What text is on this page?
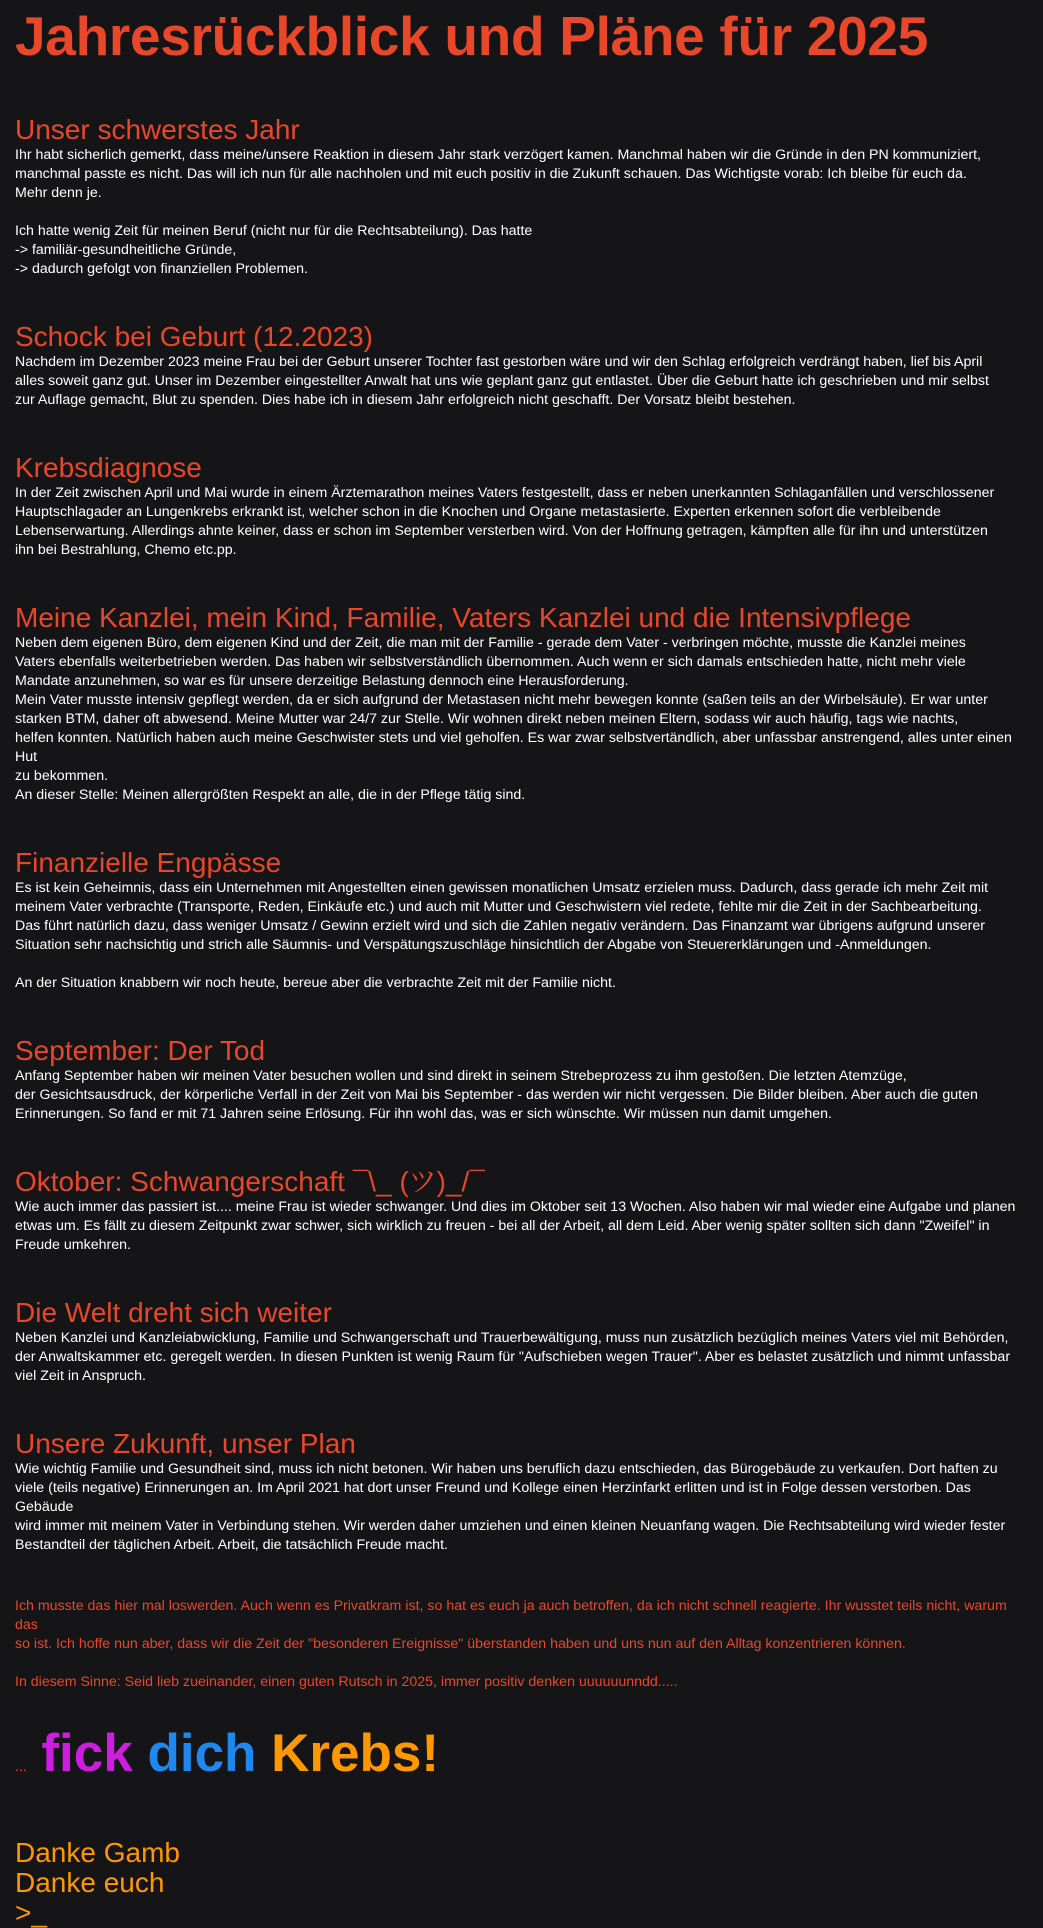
Jahresrückblick und Pläne für 2025
Unser schwerstes Jahr

Ihr habt sicherlich gemerkt, dass meine/unsere Reaktion in diesem Jahr stark verzögert kamen. Manchmal haben wir die Gründe in den PN kommuniziert,
manchmal passte es nicht. Das will ich nun für alle nachholen und mit euch positiv in die Zukunft schauen. Das Wichtigste vorab: Ich bleibe für euch da.
Mehr denn je.

Ich hatte wenig Zeit für meinen Beruf (nicht nur für die Rechtsabteilung). Das hatte
-> familiär-gesundheitliche Gründe,
-> dadurch gefolgt von finanziellen Problemen.

Schock bei Geburt (12.2023)

Nachdem im Dezember 2023 meine Frau bei der Geburt unserer Tochter fast gestorben wäre und wir den Schlag erfolgreich verdrängt haben, lief bis April
alles soweit ganz gut. Unser im Dezember eingestellter Anwalt hat uns wie geplant ganz gut entlastet. Über die Geburt hatte ich geschrieben und mir selbst
zur Auflage gemacht, Blut zu spenden. Dies habe ich in diesem Jahr erfolgreich nicht geschafft. Der Vorsatz bleibt bestehen.

Krebsdiagnose

In der Zeit zwischen April und Mai wurde in einem Ärztemarathon meines Vaters festgestellt, dass er neben unerkannten Schlaganfällen und verschlossener
Hauptschlagader an Lungenkrebs erkrankt ist, welcher schon in die Knochen und Organe metastasierte. Experten erkennen sofort die verbleibende
Lebenserwartung. Allerdings ahnte keiner, dass er schon im September versterben wird. Von der Hoffnung getragen, kämpften alle für ihn und unterstützen
ihn bei Bestrahlung, Chemo etc.pp.

Meine Kanzlei, mein Kind, Familie, Vaters Kanzlei und die Intensivpflege

Neben dem eigenen Büro, dem eigenen Kind und der Zeit, die man mit der Familie - gerade dem Vater - verbringen möchte, musste die Kanzlei meines
Vaters ebenfalls weiterbetrieben werden. Das haben wir selbstverständlich übernommen. Auch wenn er sich damals entschieden hatte, nicht mehr viele
Mandate anzunehmen, so war es für unsere derzeitige Belastung dennoch eine Herausforderung.
Mein Vater musste intensiv gepflegt werden, da er sich aufgrund der Metastasen nicht mehr bewegen konnte (saßen teils an der Wirbelsäule). Er war unter
starken BTM, daher oft abwesend. Meine Mutter war 24/7 zur Stelle. Wir wohnen direkt neben meinen Eltern, sodass wir auch häufig, tags wie nachts,
helfen konnten. Natürlich haben auch meine Geschwister stets und viel geholfen. Es war zwar selbstvertändlich, aber unfassbar anstrengend, alles unter einen Hut
zu bekommen.
An dieser Stelle: Meinen allergrößten Respekt an alle, die in der Pflege tätig sind.

Finanzielle Engpässe

Es ist kein Geheimnis, dass ein Unternehmen mit Angestellten einen gewissen monatlichen Umsatz erzielen muss. Dadurch, dass gerade ich mehr Zeit mit
meinem Vater verbrachte (Transporte, Reden, Einkäufe etc.) und auch mit Mutter und Geschwistern viel redete, fehlte mir die Zeit in der Sachbearbeitung.
Das führt natürlich dazu, dass weniger Umsatz / Gewinn erzielt wird und sich die Zahlen negativ verändern. Das Finanzamt war übrigens aufgrund unserer
Situation sehr nachsichtig und strich alle Säumnis- und Verspätungszuschläge hinsichtlich der Abgabe von Steuererklärungen und -Anmeldungen.

An der Situation knabbern wir noch heute, bereue aber die verbrachte Zeit mit der Familie nicht.

September: Der Tod

Anfang September haben wir meinen Vater besuchen wollen und sind direkt in seinem Strebeprozess zu ihm gestoßen. Die letzten Atemzüge,
der Gesichtsausdruck, der körperliche Verfall in der Zeit von Mai bis September - das werden wir nicht vergessen. Die Bilder bleiben. Aber auch die guten
Erinnerungen. So fand er mit 71 Jahren seine Erlösung. Für ihn wohl das, was er sich wünschte. Wir müssen nun damit umgehen.

Oktober: Schwangerschaft ¯\_ (ツ)_/¯

Wie auch immer das passiert ist.... meine Frau ist wieder schwanger. Und dies im Oktober seit 13 Wochen. Also haben wir mal wieder eine Aufgabe und planen
etwas um. Es fällt zu diesem Zeitpunkt zwar schwer, sich wirklich zu freuen - bei all der Arbeit, all dem Leid. Aber wenig später sollten sich dann "Zweifel" in
Freude umkehren.

Die Welt dreht sich weiter

Neben Kanzlei und Kanzleiabwicklung, Familie und Schwangerschaft und Trauerbewältigung, muss nun zusätzlich bezüglich meines Vaters viel mit Behörden,
der Anwaltskammer etc. geregelt werden. In diesen Punkten ist wenig Raum für "Aufschieben wegen Trauer". Aber es belastet zusätzlich und nimmt unfassbar
viel Zeit in Anspruch.

Unsere Zukunft, unser Plan

Wie wichtig Familie und Gesundheit sind, muss ich nicht betonen. Wir haben uns beruflich dazu entschieden, das Bürogebäude zu verkaufen. Dort haften zu
viele (teils negative) Erinnerungen an. Im April 2021 hat dort unser Freund und Kollege einen Herzinfarkt erlitten und ist in Folge dessen verstorben. Das Gebäude
wird immer mit meinem Vater in Verbindung stehen. Wir werden daher umziehen und einen kleinen Neuanfang wagen. Die Rechtsabteilung wird wieder fester
Bestandteil der täglichen Arbeit. Arbeit, die tatsächlich Freude macht.

Ich musste das hier mal loswerden. Auch wenn es Privatkram ist, so hat es euch ja auch betroffen, da ich nicht schnell reagierte. Ihr wusstet teils nicht, warum das
so ist. Ich hoffe nun aber, dass wir die Zeit der "besonderen Ereignisse" überstanden haben und uns nun auf den Alltag konzentrieren können.

In diesem Sinne: Seid lieb zueinander, einen guten Rutsch in 2025, immer positiv denken uuuuuunndd.....

... fick dich Krebs!
Danke Gamb
Danke euch
>_
